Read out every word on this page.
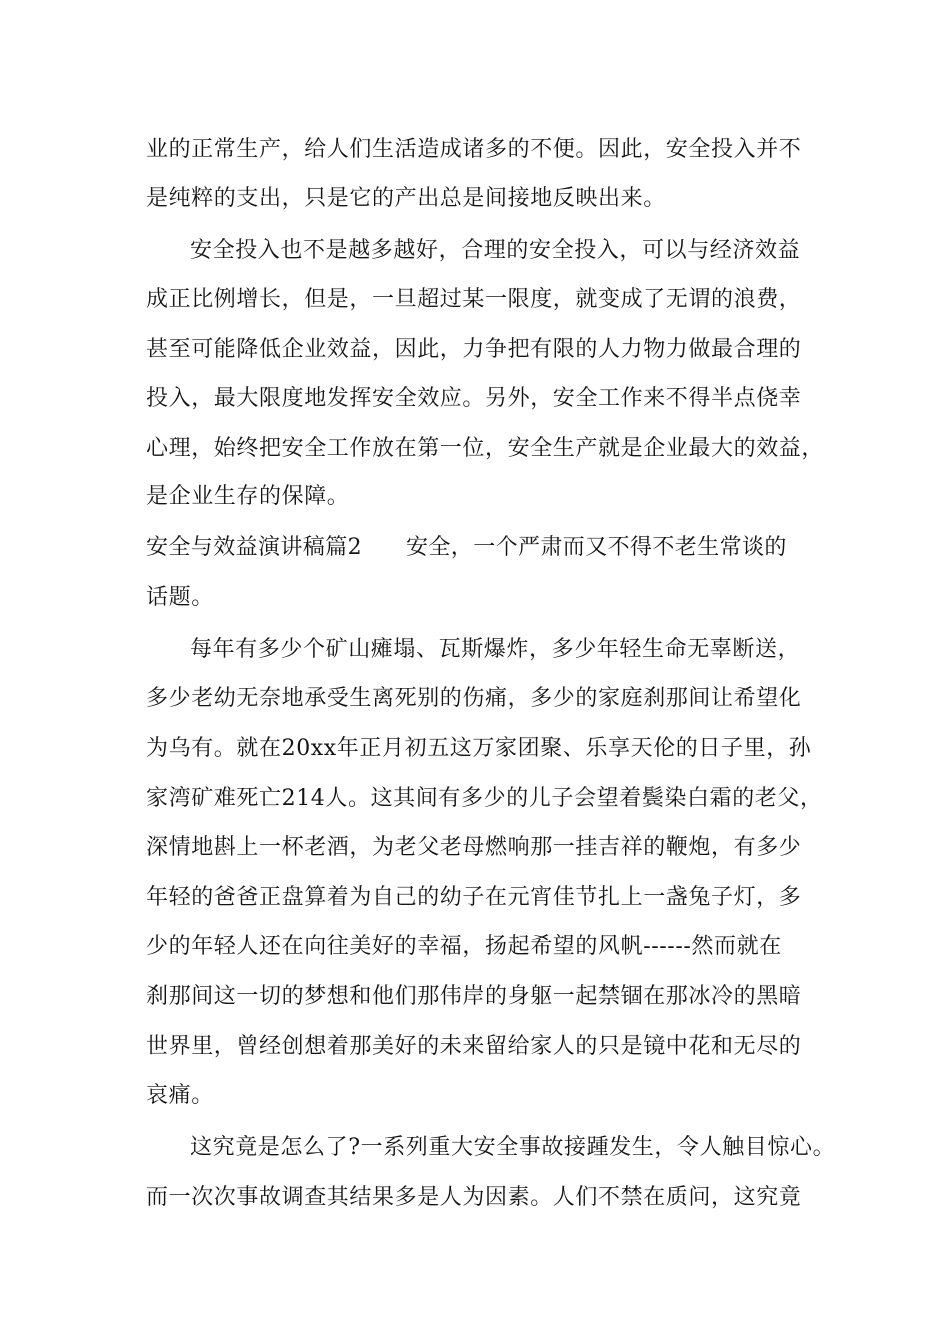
业的正常生产，给人们生活造成诸多的不便。因此，安全投入并不
是纯粹的支出，只是它的产出总是间接地反映出来。
安全投入也不是越多越好，合理的安全投入，可以与经济效益
成正比例增长，但是，一旦超过某一限度，就变成了无谓的浪费，
甚至可能降低企业效益，因此，力争把有限的人力物力做最合理的
投入，最大限度地发挥安全效应。另外，安全工作来不得半点侥幸
心理，始终把安全工作放在第一位，安全生产就是企业最大的效益，
是企业生存的保障。
安全与效益演讲稿篇2 安全，一个严肃而又不得不老生常谈的
话题。
每年有多少个矿山瘫塌、瓦斯爆炸，多少年轻生命无辜断送，
多少老幼无奈地承受生离死别的伤痛，多少的家庭刹那间让希望化
为乌有。就在20xx年正月初五这万家团聚、乐享天伦的日子里，孙
家湾矿难死亡214人。这其间有多少的儿子会望着鬓染白霜的老父，
深情地斟上一杯老酒，为老父老母燃响那一挂吉祥的鞭炮，有多少
年轻的爸爸正盘算着为自己的幼子在元宵佳节扎上一盏兔子灯，多
少的年轻人还在向往美好的幸福，扬起希望的风帆------然而就在
刹那间这一切的梦想和他们那伟岸的身躯一起禁锢在那冰冷的黑暗
世界里，曾经创想着那美好的未来留给家人的只是镜中花和无尽的
哀痛。
这究竟是怎么了?一系列重大安全事故接踵发生，令人触目惊心。
而一次次事故调查其结果多是人为因素。人们不禁在质问，这究竟
